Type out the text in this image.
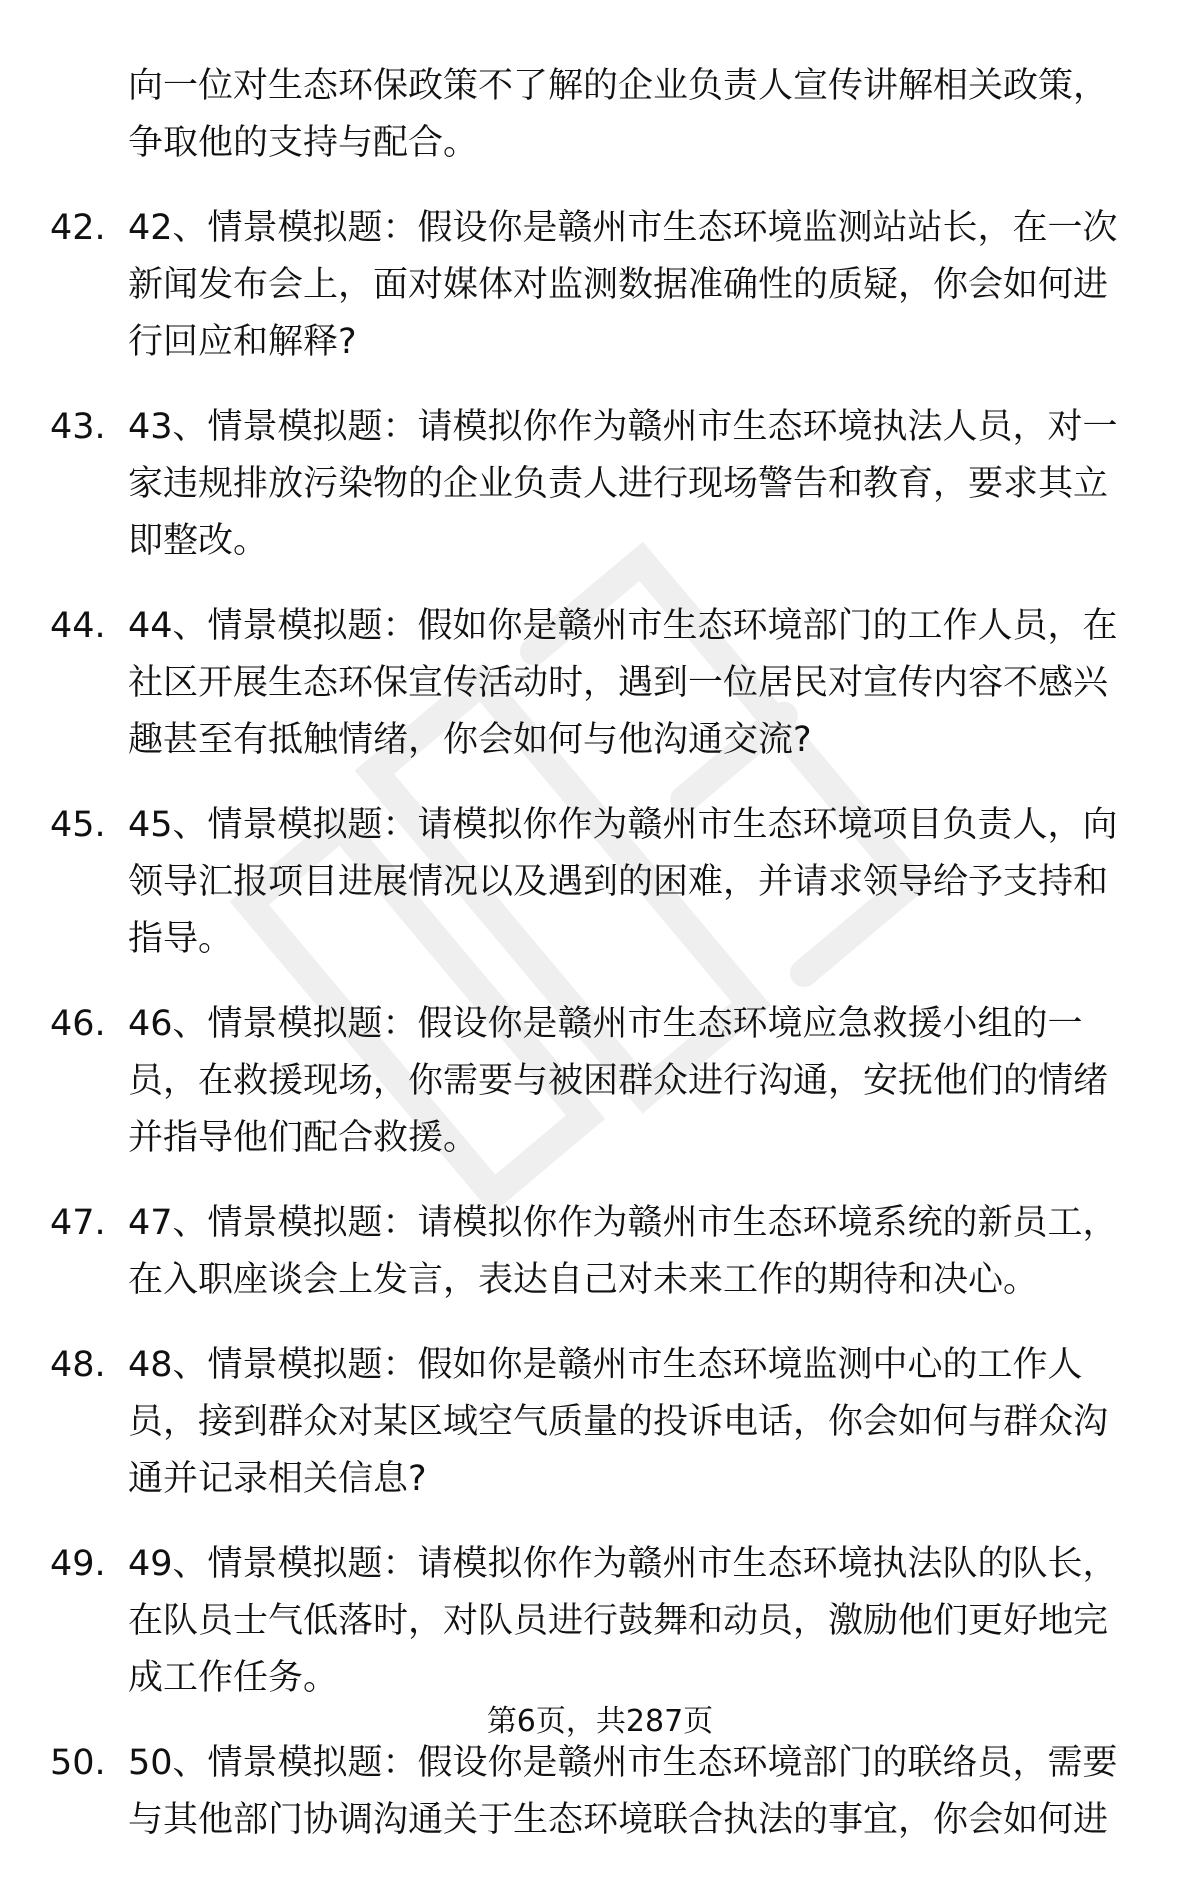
向一位对生态环保政策不了解的企业负责人宣传讲解相关政策，争取他的支持与配合。
42. 42、情景模拟题：假设你是赣州市生态环境监测站站长，在一次新闻发布会上，面对媒体对监测数据准确性的质疑，你会如何进行回应和解释?
43. 43、情景模拟题：请模拟你作为赣州市生态环境执法人员，对一家违规排放污染物的企业负责人进行现场警告和教育，要求其立即整改。
44. 44、情景模拟题：假如你是赣州市生态环境部门的工作人员，在社区开展生态环保宣传活动时，遇到一位居民对宣传内容不感兴趣甚至有抵触情绪，你会如何与他沟通交流?
45. 45、情景模拟题：请模拟你作为赣州市生态环境项目负责人，向领导汇报项目进展情况以及遇到的困难，并请求领导给予支持和指导。
46. 46、情景模拟题：假设你是赣州市生态环境应急救援小组的一员，在救援现场，你需要与被困群众进行沟通，安抚他们的情绪并指导他们配合救援。
47. 47、情景模拟题：请模拟你作为赣州市生态环境系统的新员工，在入职座谈会上发言，表达自己对未来工作的期待和决心。
48. 48、情景模拟题：假如你是赣州市生态环境监测中心的工作人员，接到群众对某区域空气质量的投诉电话，你会如何与群众沟通并记录相关信息?
49. 49、情景模拟题：请模拟你作为赣州市生态环境执法队的队长，在队员士气低落时，对队员进行鼓舞和动员，激励他们更好地完成工作任务。
50. 50、情景模拟题：假设你是赣州市生态环境部门的联络员，需要与其他部门协调沟通关于生态环境联合执法的事宜，你会如何进
第6页，共287页
